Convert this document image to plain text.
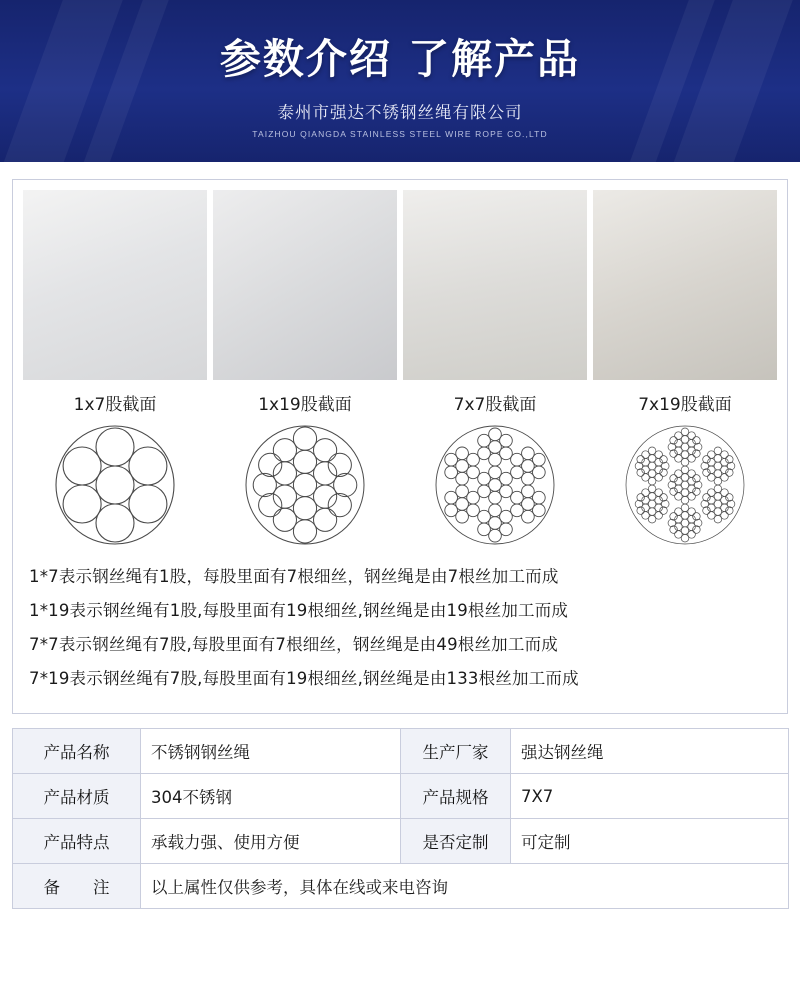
参数介绍 了解产品
泰州市强达不锈钢丝绳有限公司
TAIZHOU QIANGDA STAINLESS STEEL WIRE ROPE CO.,LTD
1x7股截面	1x19股截面	7x7股截面	7x19股截面

1*7表示钢丝绳有1股，每股里面有7根细丝，钢丝绳是由7根丝加工而成

1*19表示钢丝绳有1股,每股里面有19根细丝,钢丝绳是由19根丝加工而成

7*7表示钢丝绳有7股,每股里面有7根细丝，钢丝绳是由49根丝加工而成

7*19表示钢丝绳有7股,每股里面有19根细丝,钢丝绳是由133根丝加工而成

产品名称	不锈钢钢丝绳	生产厂家	强达钢丝绳
产品材质	304不锈钢	产品规格	7X7
产品特点	承载力强、使用方便	是否定制	可定制
备　　注	以上属性仅供参考，具体在线或来电咨询		
